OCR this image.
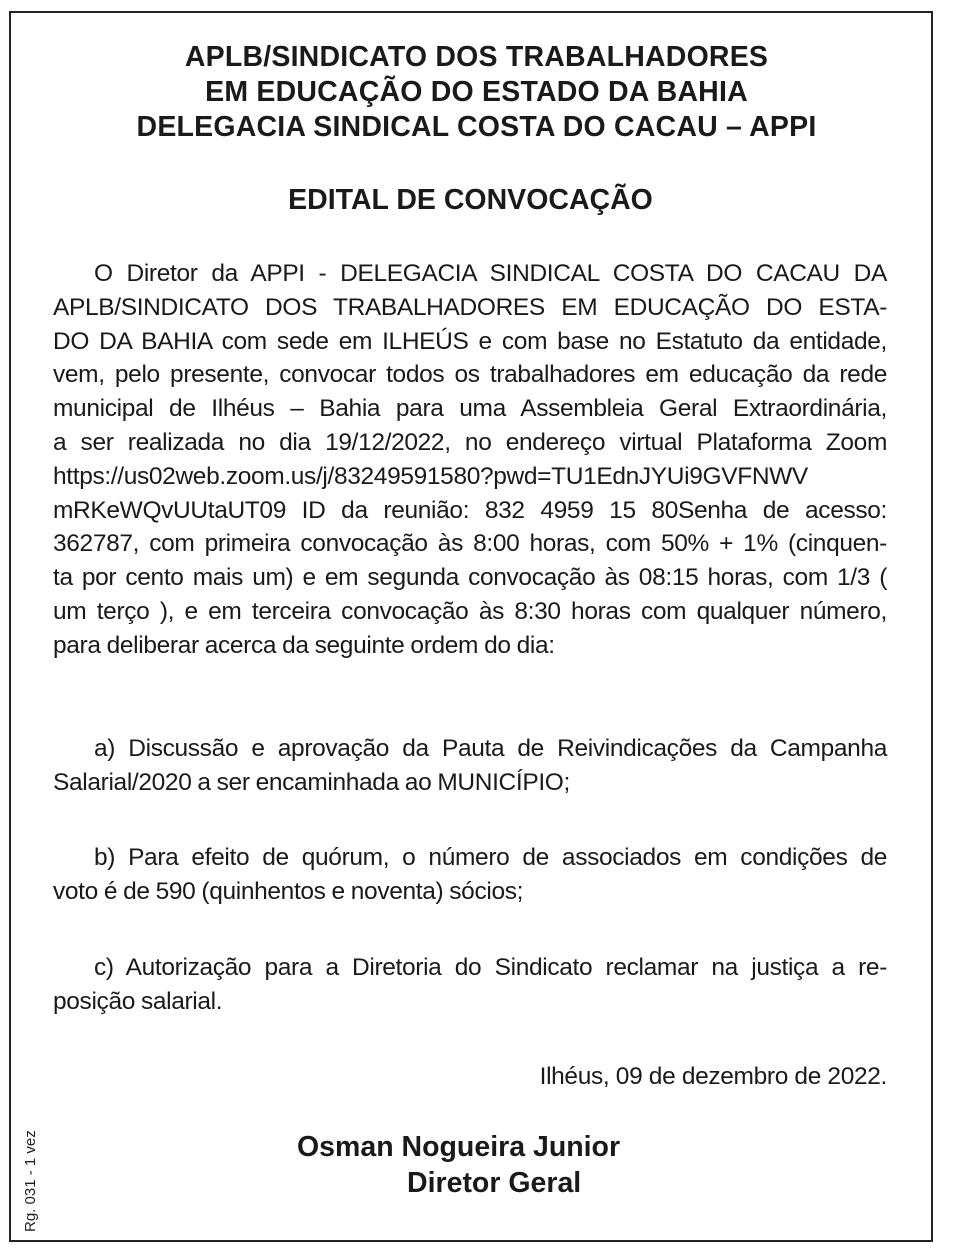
APLB/SINDICATO DOS TRABALHADORES
EM EDUCAÇÃO DO ESTADO DA BAHIA
DELEGACIA SINDICAL COSTA DO CACAU – APPI
EDITAL DE CONVOCAÇÃO
O Diretor da APPI - DELEGACIA SINDICAL COSTA DO CACAU DA
APLB/SINDICATO DOS TRABALHADORES EM EDUCAÇÃO DO ESTA-
DO DA BAHIA com sede em ILHEÚS e com base no Estatuto da entidade,
vem, pelo presente, convocar todos os trabalhadores em educação da rede
municipal de Ilhéus – Bahia para uma Assembleia Geral Extraordinária,
a ser realizada no dia 19/12/2022, no endereço virtual Plataforma Zoom
https://us02web.zoom.us/j/83249591580?pwd=TU1EdnJYUi9GVFNWV
mRKeWQvUUtaUT09 ID da reunião: 832 4959 15 80Senha de acesso:
362787, com primeira convocação às 8:00 horas, com 50% + 1% (cinquen-
ta por cento mais um) e em segunda convocação às 08:15 horas, com 1/3 (
um terço ), e em terceira convocação às 8:30 horas com qualquer número,
para deliberar acerca da seguinte ordem do dia:
a) Discussão e aprovação da Pauta de Reivindicações da Campanha
Salarial/2020 a ser encaminhada ao MUNICÍPIO;
b) Para efeito de quórum, o número de associados em condições de
voto é de 590 (quinhentos e noventa) sócios;
c) Autorização para a Diretoria do Sindicato reclamar na justiça a re-
posição salarial.
Ilhéus, 09 de dezembro de 2022.
Osman Nogueira Junior
Diretor Geral
Rg. 031 - 1 vez
